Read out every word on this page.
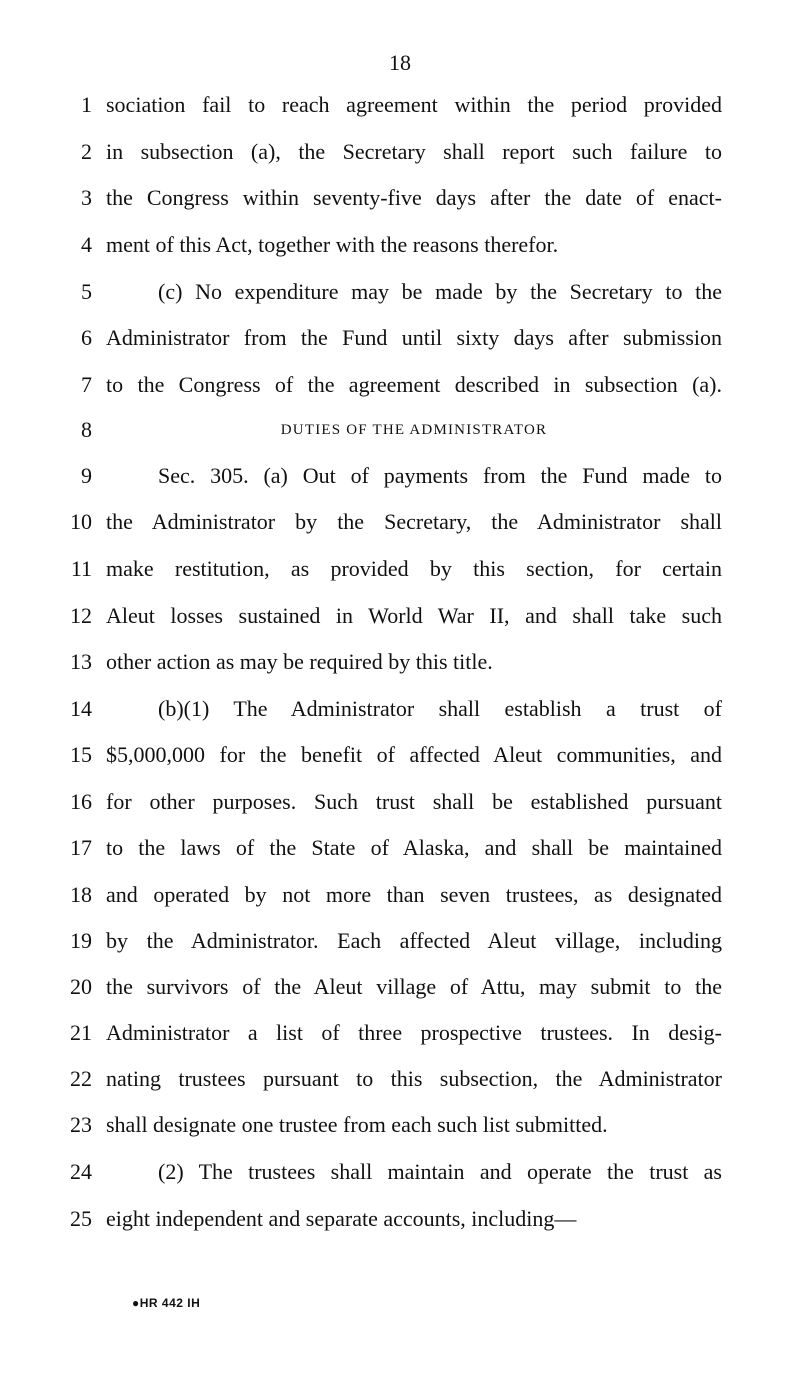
18
1 sociation fail to reach agreement within the period provided
2 in subsection (a), the Secretary shall report such failure to
3 the Congress within seventy-five days after the date of enact-
4 ment of this Act, together with the reasons therefor.
5	(c) No expenditure may be made by the Secretary to the
6 Administrator from the Fund until sixty days after submission
7 to the Congress of the agreement described in subsection (a).
8	DUTIES OF THE ADMINISTRATOR
9	Sec. 305. (a) Out of payments from the Fund made to
10 the Administrator by the Secretary, the Administrator shall
11 make restitution, as provided by this section, for certain
12 Aleut losses sustained in World War II, and shall take such
13 other action as may be required by this title.
14	(b)(1) The Administrator shall establish a trust of
15 $5,000,000 for the benefit of affected Aleut communities, and
16 for other purposes. Such trust shall be established pursuant
17 to the laws of the State of Alaska, and shall be maintained
18 and operated by not more than seven trustees, as designated
19 by the Administrator. Each affected Aleut village, including
20 the survivors of the Aleut village of Attu, may submit to the
21 Administrator a list of three prospective trustees. In desig-
22 nating trustees pursuant to this subsection, the Administrator
23 shall designate one trustee from each such list submitted.
24	(2) The trustees shall maintain and operate the trust as
25 eight independent and separate accounts, including—
●HR 442 IH
